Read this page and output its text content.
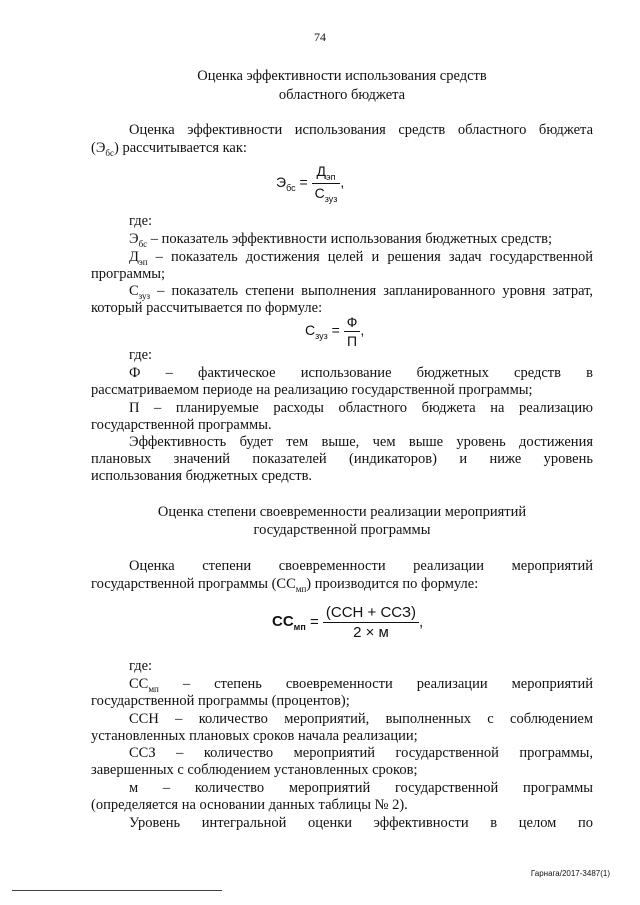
74
Оценка эффективности использования средств
областного бюджета
Оценка эффективности использования средств областного бюджета
$(Э_{бс})$ рассчитывается как:
$Э_{бс} = \frac{Д_{эп}}{С_{зуз}}$ ,
где:
$Э_{бс}$ – показатель эффективности использования бюджетных средств;
$Д_{эп}$ – показатель достижения целей и решения задач государственной
программы;
$С_{зуз}$ – показатель степени выполнения запланированного уровня затрат,
который рассчитывается по формуле:
$С_{зуз} = \frac{Ф}{П}$ ,
где:
Ф – фактическое использование бюджетных средств в
рассматриваемом периоде на реализацию государственной программы;
П – планируемые расходы областного бюджета на реализацию
государственной программы.
Эффективность будет тем выше, чем выше уровень достижения
плановых значений показателей (индикаторов) и ниже уровень
использования бюджетных средств.
Оценка степени своевременности реализации мероприятий
государственной программы
Оценка степени своевременности реализации мероприятий
государственной программы $(СС_{мп})$ производится по формуле:
$СС_{мп} = \frac{\text{(ССН + ССЗ)}}{2 \times м}$ ,
где:
$СС_{мп}$ – степень своевременности реализации мероприятий
государственной программы (процентов);
ССН – количество мероприятий, выполненных с соблюдением
установленных плановых сроков начала реализации;
ССЗ – количество мероприятий государственной программы,
завершенных с соблюдением установленных сроков;
м – количество мероприятий государственной программы
(определяется на основании данных таблицы № 2).
Уровень интегральной оценки эффективности в целом по
Гарнага/2017-3487(1)
